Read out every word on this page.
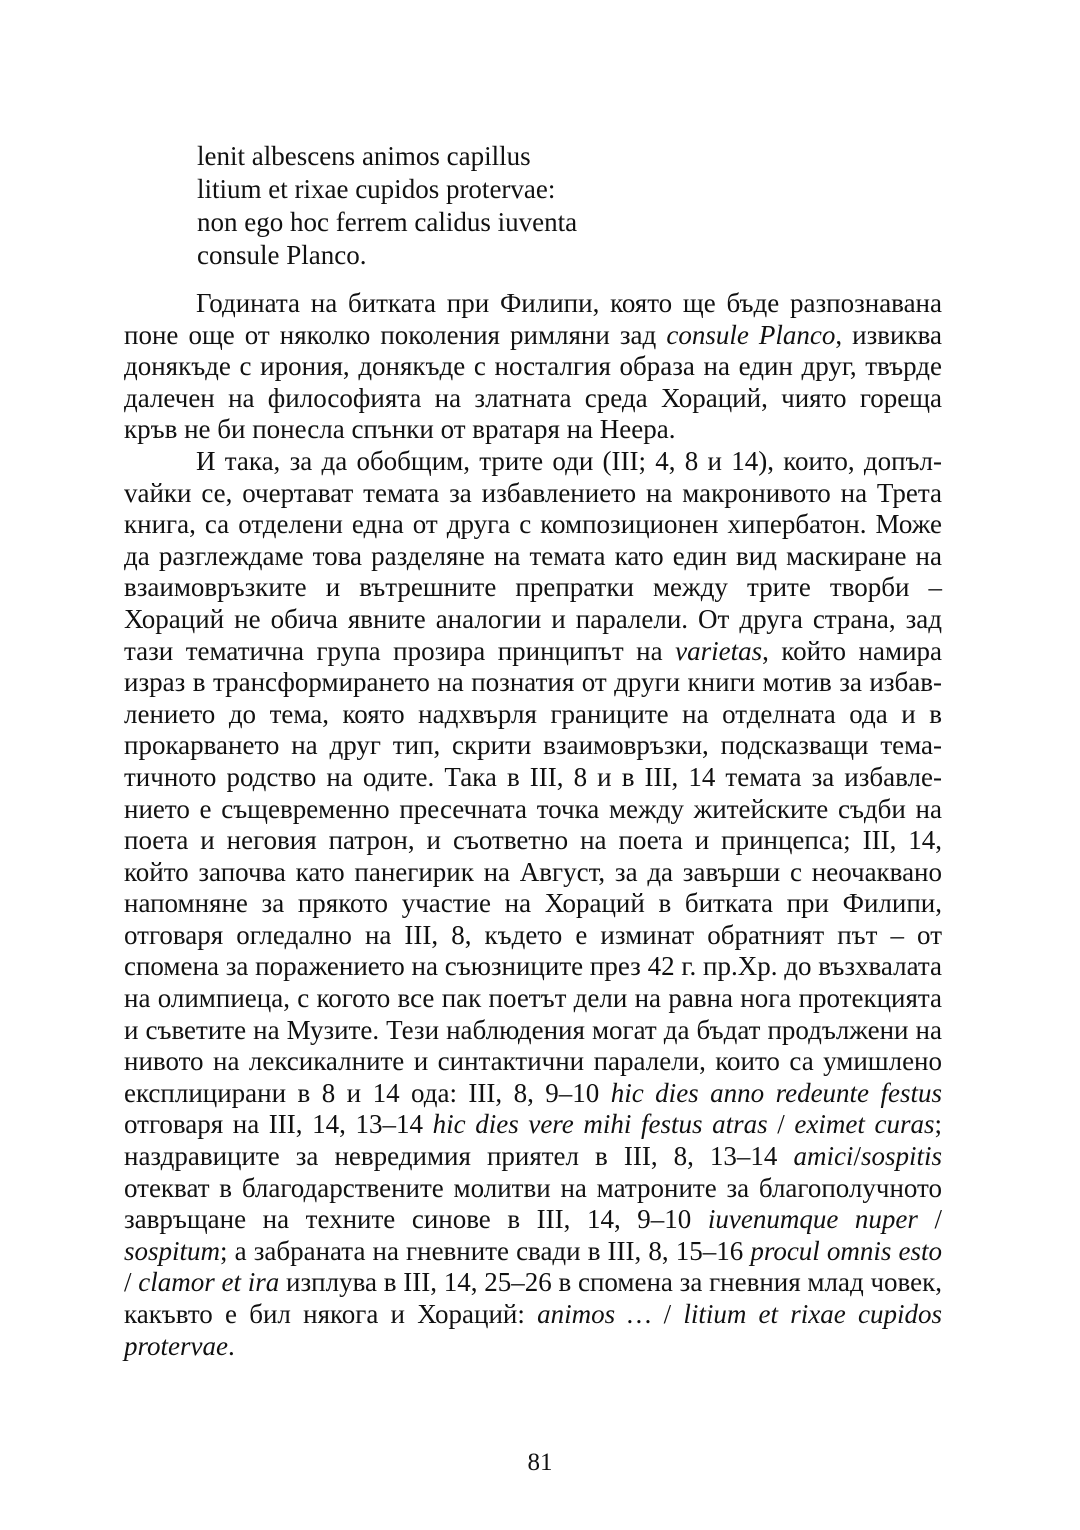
lenit albescens animos capillus
litium et rixae cupidos protervae:
non ego hoc ferrem calidus iuventa
consule Planco.

Годината на битката при Филипи, която ще бъде разпознавана поне още от няколко поколения римляни зад consule Planco, извиква донякъде с ирония, донякъде с носталгия образа на един друг, твърде далечен на философията на златната среда Хораций, чиято гореща кръв не би понесла спънки от вратаря на Неера.

И така, за да обобщим, трите оди (III; 4, 8 и 14), които, допълvайки се, очертават темата за избавлението на макронивото на Трета книга, са отделени една от друга с композиционен хипербатон. Може да разглеждаме това разделяне на темата като един вид маскиране на взаимовръзките и вътрешните препратки между трите творби – Хораций не обича явните аналогии и паралели. От друга страна, зад тази тематична група прозира принципът на varietas, който намира израз в трансформирането на познатия от други книги мотив за избавлението до тема, която надхвърля границите на отделната ода и в прокарването на друг тип, скрити взаимовръзки, подсказващи тематичното родство на одите. Така в III, 8 и в III, 14 темата за избавлението е същевременно пресечната точка между житейските съдби на поета и неговия патрон, и съответно на поета и принцепса; III, 14, който започва като панегирик на Август, за да завърши с неочаквано напомняне за прякото участие на Хораций в битката при Филипи, отговаря огледално на III, 8, където е изминат обратният път – от спомена за поражението на съюзниците през 42 г. пр.Хр. до възхвалата на олимпиеца, с когото все пак поетът дели на равна нога протекцията и съветите на Музите. Тези наблюдения могат да бъдат продължени на нивото на лексикалните и синтактични паралели, които са умишлено експлицирани в 8 и 14 ода: III, 8, 9–10 hic dies anno redeunte festus отговаря на III, 14, 13–14 hic dies vere mihi festus atras / eximet curas; наздравиците за невредимия приятел в III, 8, 13–14 amici/sospitis отекват в благодарствените молитви на матроните за благополучното завръщане на техните синове в III, 14, 9–10 iuvenumque nuper / sospitum; а забраната на гневните свади в III, 8, 15–16 procul omnis esto / clamor et ira изплува в III, 14, 25–26 в спомена за гневния млад човек, какъвто е бил някога и Хораций: animos … / litium et rixae cupidos protervae.

81
